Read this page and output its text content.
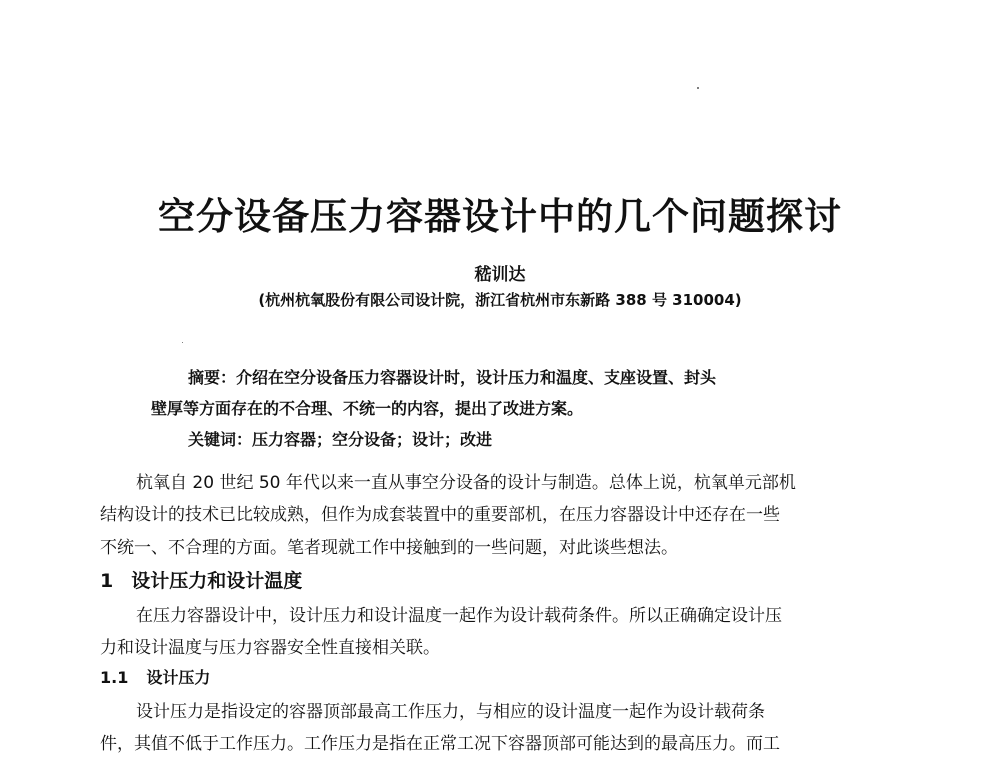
空分设备压力容器设计中的几个问题探讨
嵇训达
(杭州杭氧股份有限公司设计院，浙江省杭州市东新路 388 号 310004)
摘要：介绍在空分设备压力容器设计时，设计压力和温度、支座设置、封头
壁厚等方面存在的不合理、不统一的内容，提出了改进方案。
关键词：压力容器；空分设备；设计；改进
杭氧自 20 世纪 50 年代以来一直从事空分设备的设计与制造。总体上说，杭氧单元部机
结构设计的技术已比较成熟，但作为成套装置中的重要部机，在压力容器设计中还存在一些
不统一、不合理的方面。笔者现就工作中接触到的一些问题，对此谈些想法。
1 设计压力和设计温度
在压力容器设计中，设计压力和设计温度一起作为设计载荷条件。所以正确确定设计压
力和设计温度与压力容器安全性直接相关联。
1.1 设计压力
设计压力是指设定的容器顶部最高工作压力，与相应的设计温度一起作为设计载荷条
件，其值不低于工作压力。工作压力是指在正常工况下容器顶部可能达到的最高压力。而工
